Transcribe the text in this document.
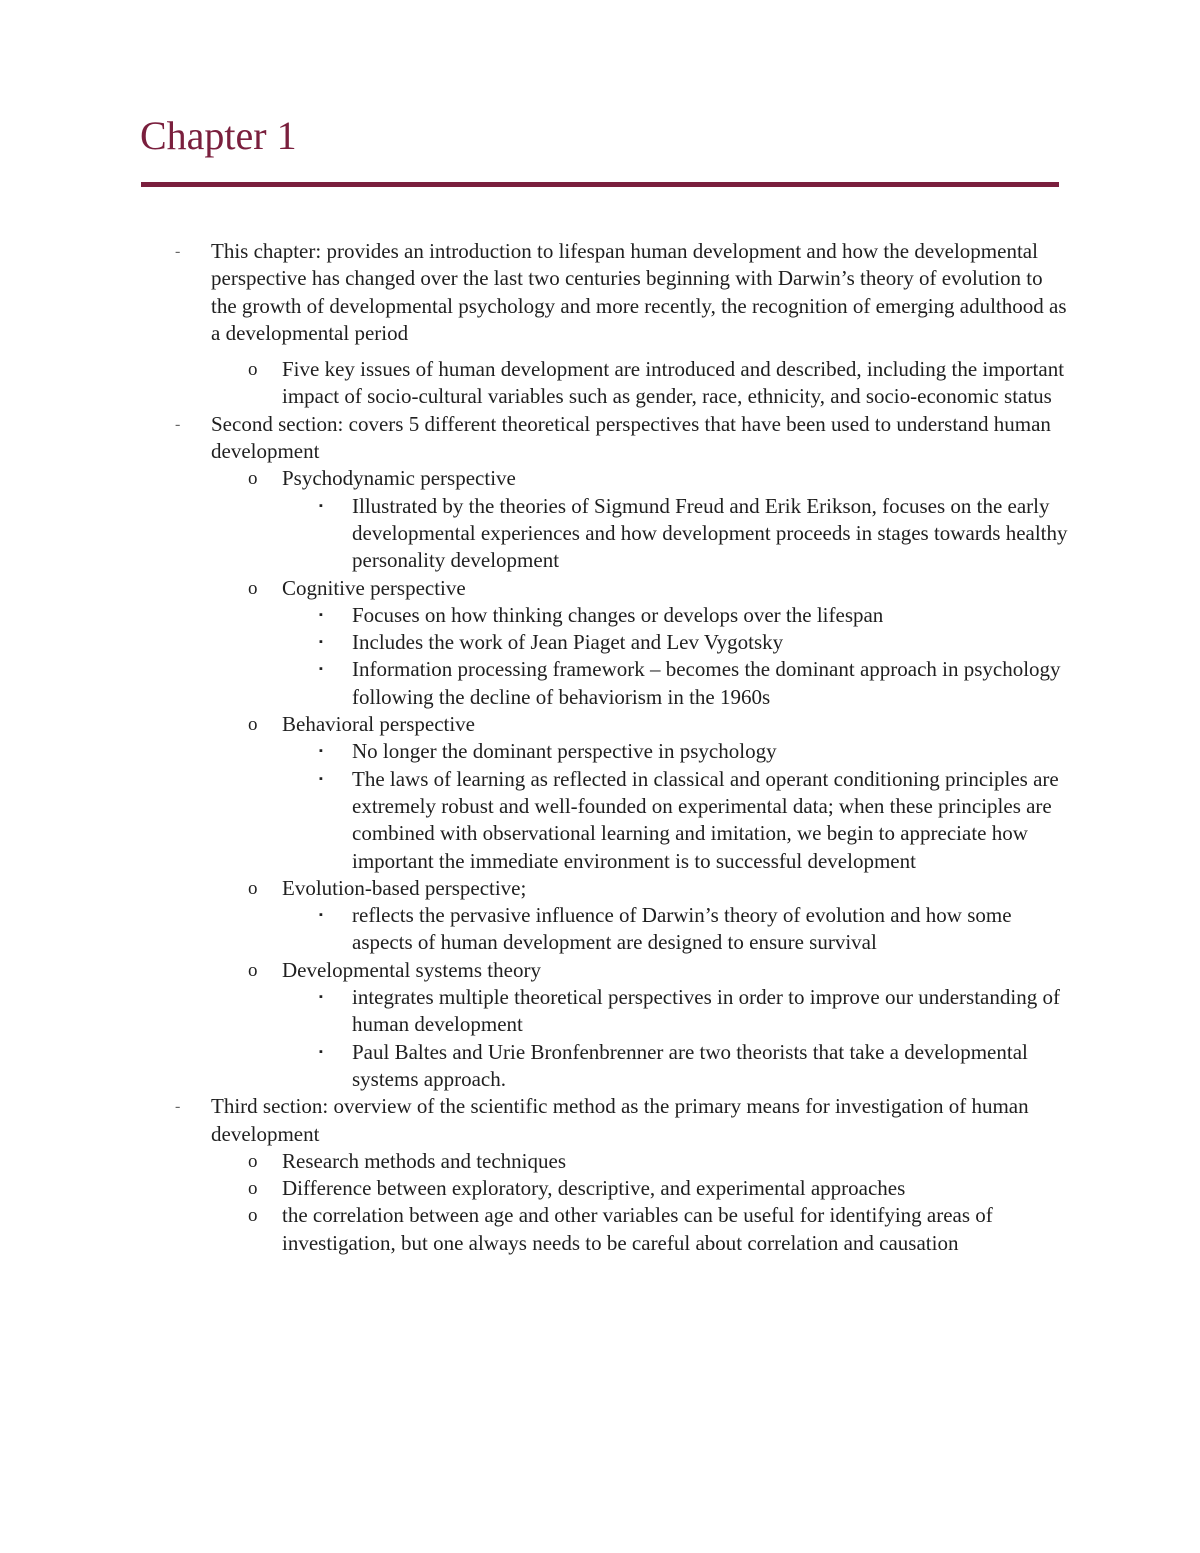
Chapter 1
- This chapter: provides an introduction to lifespan human development and how the developmental perspective has changed over the last two centuries beginning with Darwin’s theory of evolution to the growth of developmental psychology and more recently, the recognition of emerging adulthood as a developmental period
o Five key issues of human development are introduced and described, including the important impact of socio-cultural variables such as gender, race, ethnicity, and socio-economic status
- Second section: covers 5 different theoretical perspectives that have been used to understand human development
o Psychodynamic perspective
▪ Illustrated by the theories of Sigmund Freud and Erik Erikson, focuses on the early developmental experiences and how development proceeds in stages towards healthy personality development
o Cognitive perspective
▪ Focuses on how thinking changes or develops over the lifespan
▪ Includes the work of Jean Piaget and Lev Vygotsky
▪ Information processing framework – becomes the dominant approach in psychology following the decline of behaviorism in the 1960s
o Behavioral perspective
▪ No longer the dominant perspective in psychology
▪ The laws of learning as reflected in classical and operant conditioning principles are extremely robust and well-founded on experimental data; when these principles are combined with observational learning and imitation, we begin to appreciate how important the immediate environment is to successful development
o Evolution-based perspective;
▪ reflects the pervasive influence of Darwin’s theory of evolution and how some aspects of human development are designed to ensure survival
o Developmental systems theory
▪ integrates multiple theoretical perspectives in order to improve our understanding of human development
▪ Paul Baltes and Urie Bronfenbrenner are two theorists that take a developmental systems approach.
- Third section: overview of the scientific method as the primary means for investigation of human development
o Research methods and techniques
o Difference between exploratory, descriptive, and experimental approaches
o the correlation between age and other variables can be useful for identifying areas of investigation, but one always needs to be careful about correlation and causation
